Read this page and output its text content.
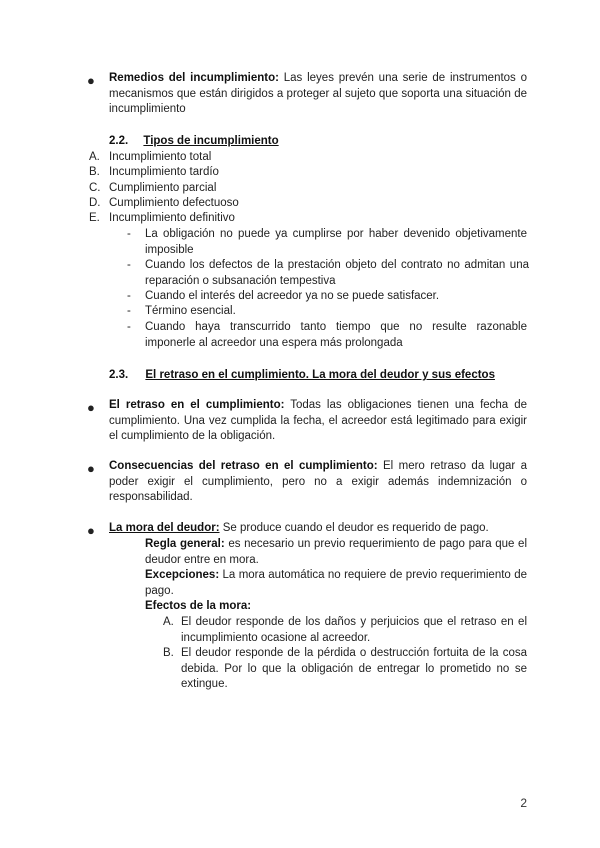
● Remedios del incumplimiento: Las leyes prevén una serie de instrumentos o mecanismos que están dirigidos a proteger al sujeto que soporta una situación de incumplimiento
2.2. Tipos de incumplimiento
A. Incumplimiento total
B. Incumplimiento tardío
C. Cumplimiento parcial
D. Cumplimiento defectuoso
E. Incumplimiento definitivo
- La obligación no puede ya cumplirse por haber devenido objetivamente imposible
- Cuando los defectos de la prestación objeto del contrato no admitan una reparación o subsanación tempestiva
- Cuando el interés del acreedor ya no se puede satisfacer.
- Término esencial.
- Cuando haya transcurrido tanto tiempo que no resulte razonable imponerle al acreedor una espera más prolongada
2.3. El retraso en el cumplimiento. La mora del deudor y sus efectos
● El retraso en el cumplimiento: Todas las obligaciones tienen una fecha de cumplimiento. Una vez cumplida la fecha, el acreedor está legitimado para exigir el cumplimiento de la obligación.
● Consecuencias del retraso en el cumplimiento: El mero retraso da lugar a poder exigir el cumplimiento, pero no a exigir además indemnización o responsabilidad.
● La mora del deudor: Se produce cuando el deudor es requerido de pago.
Regla general: es necesario un previo requerimiento de pago para que el deudor entre en mora.
Excepciones: La mora automática no requiere de previo requerimiento de pago.
Efectos de la mora:
A. El deudor responde de los daños y perjuicios que el retraso en el incumplimiento ocasione al acreedor.
B. El deudor responde de la pérdida o destrucción fortuita de la cosa debida. Por lo que la obligación de entregar lo prometido no se extingue.
2
